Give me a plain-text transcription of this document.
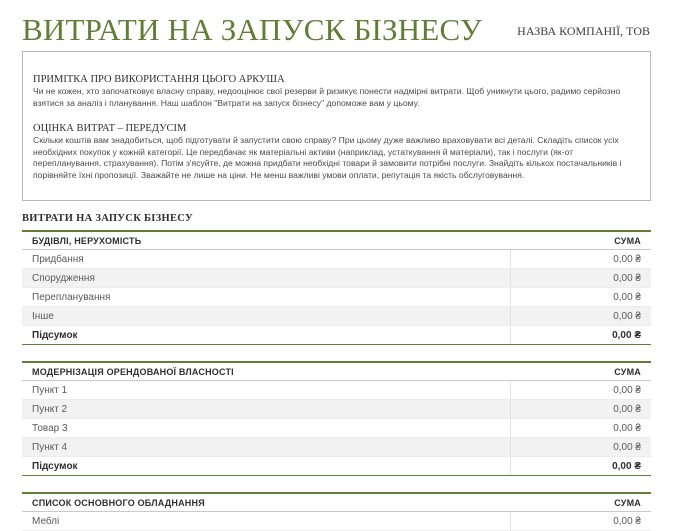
ВИТРАТИ НА ЗАПУСК БІЗНЕСУ	НАЗВА КОМПАНІЇ, ТОВ
ПРИМІТКА ПРО ВИКОРИСТАННЯ ЦЬОГО АРКУША
Чи не кожен, хто започатковує власну справу, недооцінює свої резерви й ризикує понести надмірні витрати. Щоб уникнути цього, радимо серйозно взятися за аналіз і планування. Наш шаблон "Витрати на запуск бізнесу" допоможе вам у цьому.
ОЦІНКА ВИТРАТ – ПЕРЕДУСІМ
Скільки коштів вам знадобиться, щоб підготувати й запустити свою справу? При цьому дуже важливо враховувати всі деталі. Складіть список усіх необхідних покупок у кожній категорії. Це передбачає як матеріальні активи (наприклад, устаткування й матеріали), так і послуги (як-от перепланування, страхування). Потім з'ясуйте, де можна придбати необхідні товари й замовити потрібні послуги. Знайдіть кількох постачальників і порівняйте їхні пропозиції. Зважайте не лише на ціни. Не менш важливі умови оплати, репутація та якість обслуговування.
ВИТРАТИ НА ЗАПУСК БІЗНЕСУ
БУДІВЛІ, НЕРУХОМІСТЬ	СУМА
Придбання	0,00 ₴
Спорудження	0,00 ₴
Перепланування	0,00 ₴
Інше	0,00 ₴
Підсумок	0,00 ₴
МОДЕРНІЗАЦІЯ ОРЕНДОВАНОЇ ВЛАСНОСТІ	СУМА
Пункт 1	0,00 ₴
Пункт 2	0,00 ₴
Товар 3	0,00 ₴
Пункт 4	0,00 ₴
Підсумок	0,00 ₴
СПИСОК ОСНОВНОГО ОБЛАДНАННЯ	СУМА
Меблі	0,00 ₴
